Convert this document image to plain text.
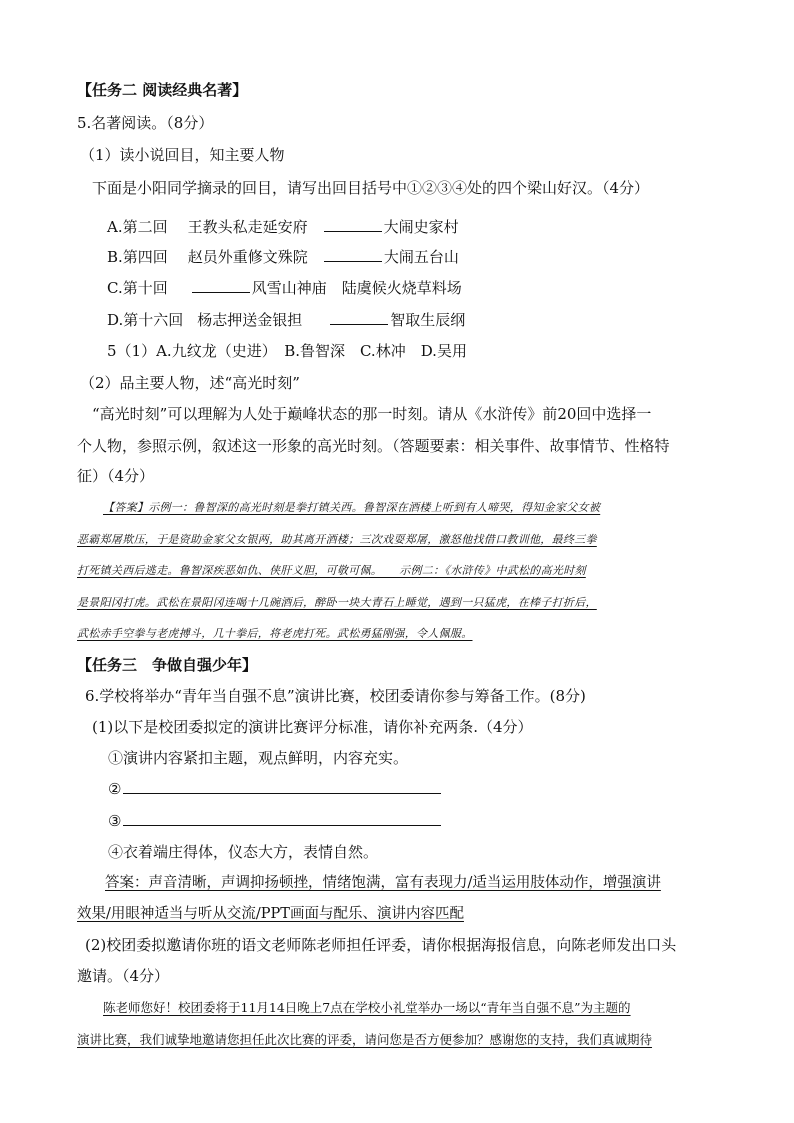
【任务二 阅读经典名著】
5.名著阅读。（8分）
（1）读小说回目，知主要人物
下面是小阳同学摘录的回目，请写出回目括号中①②③④处的四个梁山好汉。（4分）
A.第二回 王教头私走延安府	大闹史家村
B.第四回 赵员外重修文殊院	大闹五台山
C.第十回	风雪山神庙　陆虞候火烧草料场
D.第十六回 杨志押送金银担	智取生辰纲
5（1）A.九纹龙（史进）　B.鲁智深　C.林冲　D.吴用
（2）品主要人物，述“高光时刻”
“高光时刻”可以理解为人处于巅峰状态的那一时刻。请从《水浒传》前20回中选择一
个人物，参照示例，叙述这一形象的高光时刻。（答题要素：相关事件、故事情节、性格特
征）（4分）
【答案】示例一：鲁智深的高光时刻是拳打镇关西。鲁智深在酒楼上听到有人啼哭，得知金家父女被
恶霸郑屠欺压，于是资助金家父女银两，助其离开酒楼；三次戏耍郑屠，激怒他找借口教训他，最终三拳
打死镇关西后逃走。鲁智深疾恶如仇、侠肝义胆，可敬可佩。　　示例二：《水浒传》中武松的高光时刻
是景阳冈打虎。武松在景阳冈连喝十几碗酒后，醉卧一块大青石上睡觉，遇到一只猛虎，在棒子打折后，
武松赤手空拳与老虎搏斗，几十拳后，将老虎打死。武松勇猛刚强，令人佩服。
【任务三　争做自强少年】
6.学校将举办“青年当自强不息”演讲比赛，校团委请你参与筹备工作。(8分)
(1)以下是校团委拟定的演讲比赛评分标准，请你补充两条.（4分）
①演讲内容紧扣主题，观点鲜明，内容充实。
②
③
④衣着端庄得体，仪态大方，表情自然。
答案：声音清晰，声调抑扬顿挫，情绪饱满，富有表现力/适当运用肢体动作，增强演讲
效果/用眼神适当与听从交流/PPT画面与配乐、演讲内容匹配
(2)校团委拟邀请你班的语文老师陈老师担任评委，请你根据海报信息，向陈老师发出口头
邀请。（4分）
陈老师您好！校团委将于11月14日晚上7点在学校小礼堂举办一场以“青年当自强不息”为主题的
演讲比赛，我们诚挚地邀请您担任此次比赛的评委，请问您是否方便参加？感谢您的支持，我们真诚期待
